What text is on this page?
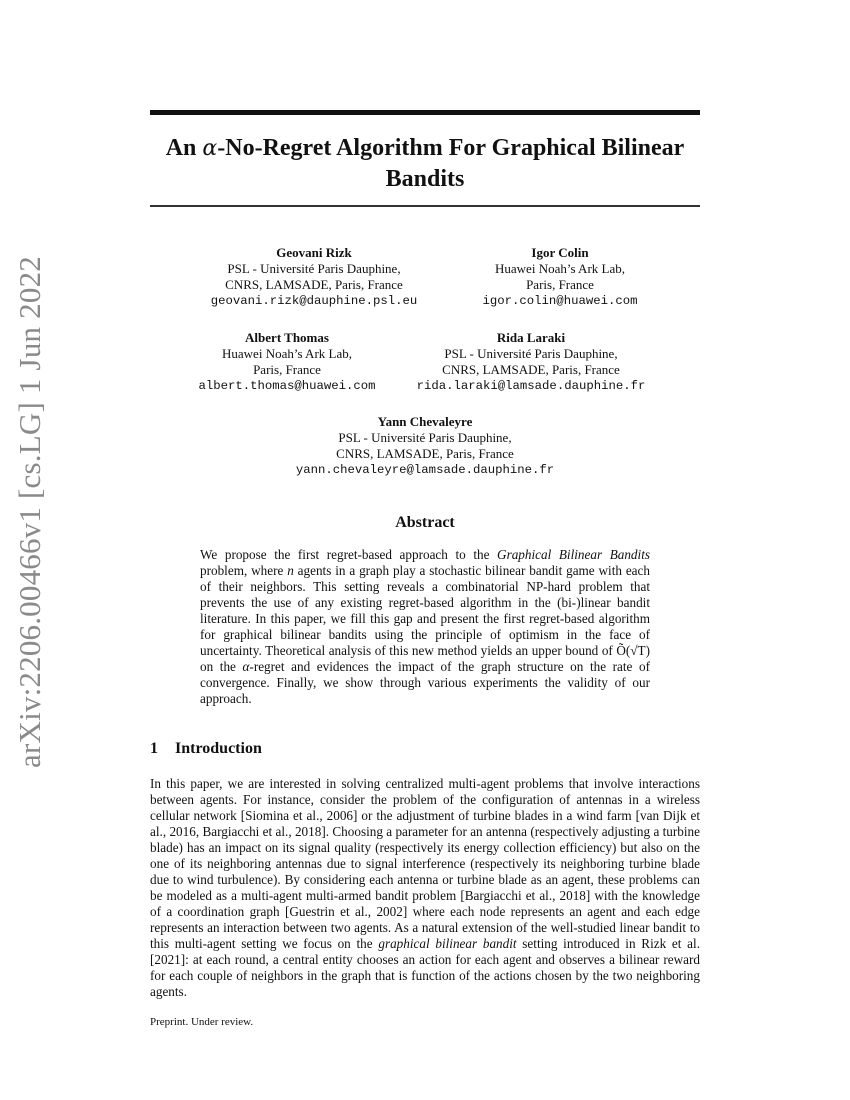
arXiv:2206.00466v1 [cs.LG] 1 Jun 2022
An α-No-Regret Algorithm For Graphical Bilinear
Bandits
Geovani Rizk
PSL - Université Paris Dauphine,
CNRS, LAMSADE, Paris, France
geovani.rizk@dauphine.psl.eu
Igor Colin
Huawei Noah’s Ark Lab,
Paris, France
igor.colin@huawei.com
Albert Thomas
Huawei Noah’s Ark Lab,
Paris, France
albert.thomas@huawei.com
Rida Laraki
PSL - Université Paris Dauphine,
CNRS, LAMSADE, Paris, France
rida.laraki@lamsade.dauphine.fr
Yann Chevaleyre
PSL - Université Paris Dauphine,
CNRS, LAMSADE, Paris, France
yann.chevaleyre@lamsade.dauphine.fr
Abstract
We propose the first regret-based approach to the Graphical Bilinear Bandits problem, where n agents in a graph play a stochastic bilinear bandit game with each of their neighbors. This setting reveals a combinatorial NP-hard problem that prevents the use of any existing regret-based algorithm in the (bi-)linear bandit literature. In this paper, we fill this gap and present the first regret-based algorithm for graphical bilinear bandits using the principle of optimism in the face of uncertainty. Theoretical analysis of this new method yields an upper bound of Õ(√T) on the α-regret and evidences the impact of the graph structure on the rate of convergence. Finally, we show through various experiments the validity of our approach.
1 Introduction
In this paper, we are interested in solving centralized multi-agent problems that involve interactions between agents. For instance, consider the problem of the configuration of antennas in a wireless cellular network [Siomina et al., 2006] or the adjustment of turbine blades in a wind farm [van Dijk et al., 2016, Bargiacchi et al., 2018]. Choosing a parameter for an antenna (respectively adjusting a turbine blade) has an impact on its signal quality (respectively its energy collection efficiency) but also on the one of its neighboring antennas due to signal interference (respectively its neighboring turbine blade due to wind turbulence). By considering each antenna or turbine blade as an agent, these problems can be modeled as a multi-agent multi-armed bandit problem [Bargiacchi et al., 2018] with the knowledge of a coordination graph [Guestrin et al., 2002] where each node represents an agent and each edge represents an interaction between two agents. As a natural extension of the well-studied linear bandit to this multi-agent setting we focus on the graphical bilinear bandit setting introduced in Rizk et al. [2021]: at each round, a central entity chooses an action for each agent and observes a bilinear reward for each couple of neighbors in the graph that is function of the actions chosen by the two neighboring agents.
Preprint. Under review.
